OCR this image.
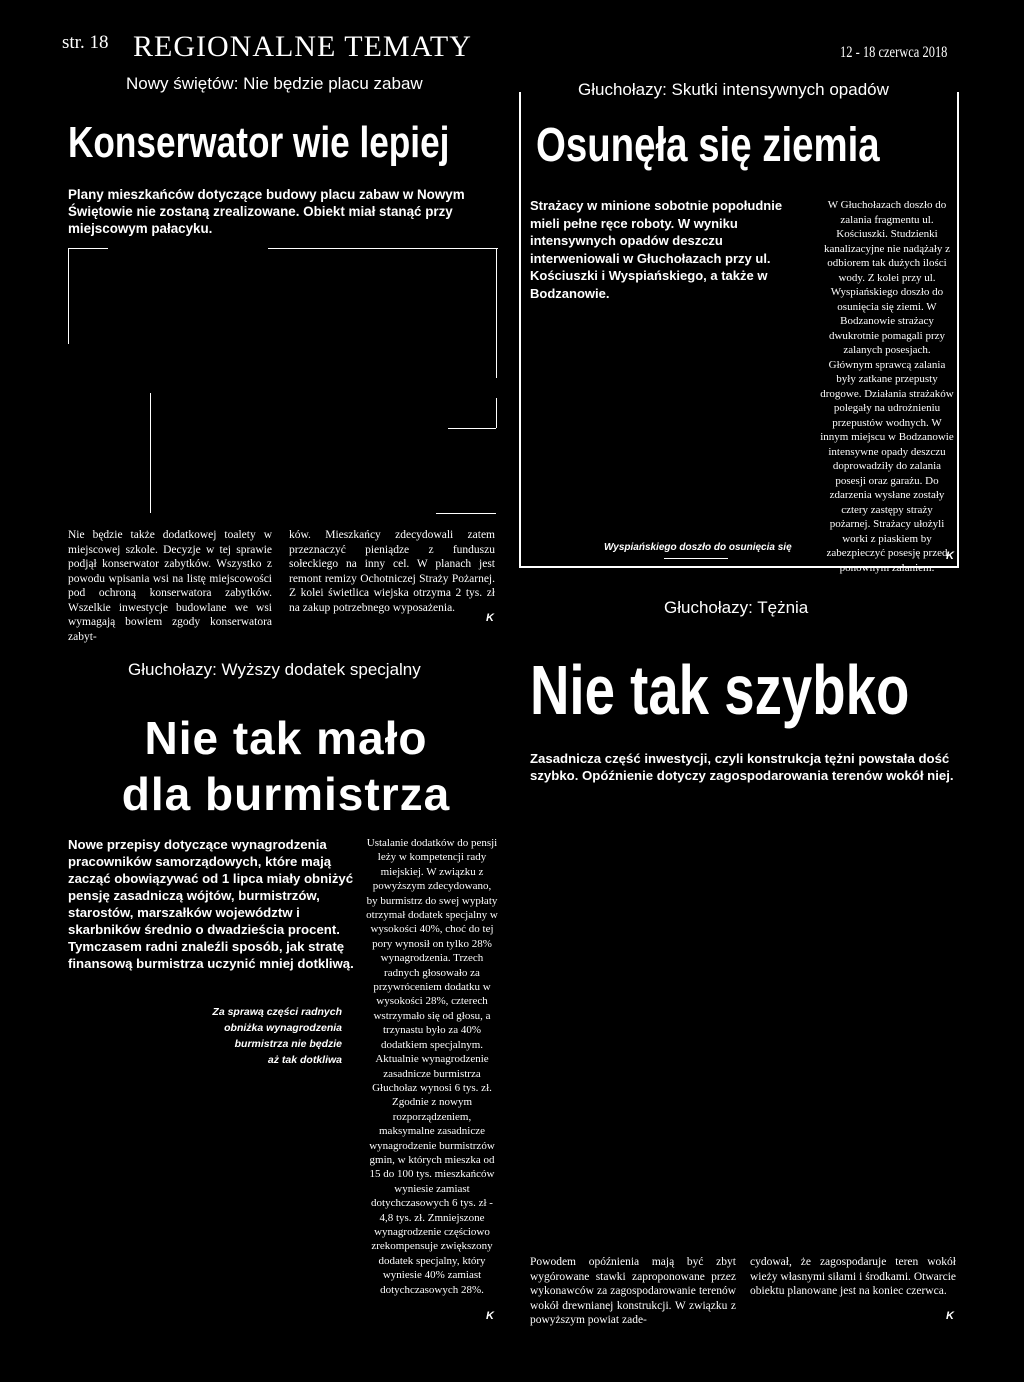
str. 18 REGIONALNE TEMATY	12 - 18 czerwca 2018
Nowy świętów: Nie będzie placu zabaw
Konserwator wie lepiej
Plany mieszkańców dotyczące budowy placu zabaw w Nowym Świętowie nie zostaną zrealizowane. Obiekt miał stanąć przy miejscowym pałacyku.
Nie będzie także dodatkowej toalety w miejscowej szkole. Decyzje w tej sprawie podjął konserwator zabytków. Wszystko z powodu wpisania wsi na listę miejscowości pod ochroną konserwatora zabytków. Wszelkie inwestycje budowlane we wsi wymagają bowiem zgody konserwatora zabyt-
ków. Mieszkańcy zdecydowali zatem przeznaczyć pieniądze z funduszu sołeckiego na inny cel. W planach jest remont remizy Ochotniczej Straży Pożarnej. Z kolei świetlica wiejska otrzyma 2 tys. zł na zakup potrzebnego wyposażenia.
K
Głuchołazy: Skutki intensywnych opadów
Osunęła się ziemia
Strażacy w minione sobotnie popołudnie mieli pełne ręce roboty. W wyniku intensywnych opadów deszczu interweniowali w Głuchołazach przy ul. Kościuszki i Wyspiańskiego, a także w Bodzanowie.
W Głuchołazach doszło do zalania fragmentu ul. Kościuszki. Studzienki kanalizacyjne nie nadążały z odbiorem tak dużych ilości wody. Z kolei przy ul. Wyspiańskiego doszło do osunięcia się ziemi. W Bodzanowie strażacy dwukrotnie pomagali przy zalanych posesjach. Głównym sprawcą zalania były zatkane przepusty drogowe. Działania strażaków polegały na udrożnieniu przepustów wodnych. W innym miejscu w Bodzanowie intensywne opady deszczu doprowadziły do zalania posesji oraz garażu. Do zdarzenia wysłane zostały cztery zastępy straży pożarnej. Strażacy ułożyli worki z piaskiem by zabezpieczyć posesję przed ponownym zalaniem.
K
Wyspiańskiego doszło do osunięcia się
Głuchołazy: Wyższy dodatek specjalny
Nie tak mało
dla burmistrza
Nowe przepisy dotyczące wynagrodzenia pracowników samorządowych, które mają zacząć obowiązywać od 1 lipca miały obniżyć pensję zasadniczą wójtów, burmistrzów, starostów, marszałków województw i skarbników średnio o dwadzieścia procent. Tymczasem radni znaleźli sposób, jak stratę finansową burmistrza uczynić mniej dotkliwą.
Za sprawą części radnych
obniżka wynagrodzenia
burmistrza nie będzie
aż tak dotkliwa
Ustalanie dodatków do pensji leży w kompetencji rady miejskiej. W związku z powyższym zdecydowano, by burmistrz do swej wypłaty otrzymał dodatek specjalny w wysokości 40%, choć do tej pory wynosił on tylko 28% wynagrodzenia. Trzech radnych głosowało za przywróceniem dodatku w wysokości 28%, czterech wstrzymało się od głosu, a trzynastu było za 40% dodatkiem specjalnym. Aktualnie wynagrodzenie zasadnicze burmistrza Głuchołaz wynosi 6 tys. zł. Zgodnie z nowym rozporządzeniem, maksymalne zasadnicze wynagrodzenie burmistrzów gmin, w których mieszka od 15 do 100 tys. mieszkańców wyniesie zamiast dotychczasowych 6 tys. zł - 4,8 tys. zł. Zmniejszone wynagrodzenie częściowo zrekompensuje zwiększony dodatek specjalny, który wyniesie 40% zamiast dotychczasowych 28%.
K
Głuchołazy: Tężnia
Nie tak szybko
Zasadnicza część inwestycji, czyli konstrukcja tężni powstała dość szybko. Opóźnienie dotyczy zagospodarowania terenów wokół niej.
Powodem opóźnienia mają być zbyt wygórowane stawki zaproponowane przez wykonawców za zagospodarowanie terenów wokół drewnianej konstrukcji. W związku z powyższym powiat zade-
cydował, że zagospodaruje teren wokół wieży własnymi siłami i środkami. Otwarcie obiektu planowane jest na koniec czerwca.
K
